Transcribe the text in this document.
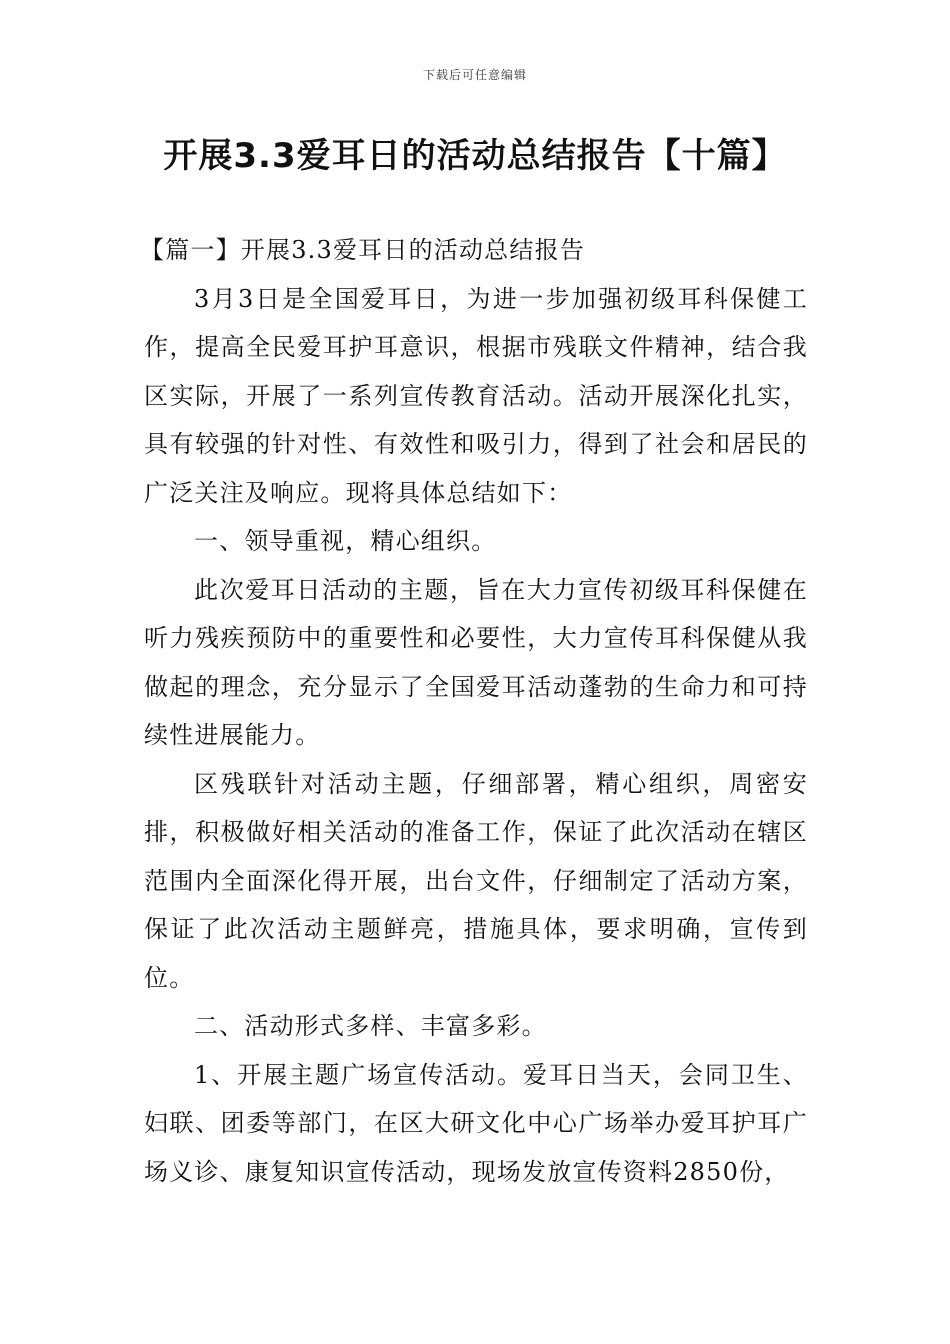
下载后可任意编辑
开展3.3爱耳日的活动总结报告【十篇】

【篇一】开展3.3爱耳日的活动总结报告

3月3日是全国爱耳日，为进一步加强初级耳科保健工作，提高全民爱耳护耳意识，根据市残联文件精神，结合我区实际，开展了一系列宣传教育活动。活动开展深化扎实，具有较强的针对性、有效性和吸引力，得到了社会和居民的广泛关注及响应。现将具体总结如下：

一、领导重视，精心组织。

此次爱耳日活动的主题，旨在大力宣传初级耳科保健在听力残疾预防中的重要性和必要性，大力宣传耳科保健从我做起的理念，充分显示了全国爱耳活动蓬勃的生命力和可持续性进展能力。

区残联针对活动主题，仔细部署，精心组织，周密安排，积极做好相关活动的准备工作，保证了此次活动在辖区范围内全面深化得开展，出台文件，仔细制定了活动方案，保证了此次活动主题鲜亮，措施具体，要求明确，宣传到位。

二、活动形式多样、丰富多彩。

1、开展主题广场宣传活动。爱耳日当天，会同卫生、妇联、团委等部门，在区大研文化中心广场举办爱耳护耳广场义诊、康复知识宣传活动，现场发放宣传资料2850份，
